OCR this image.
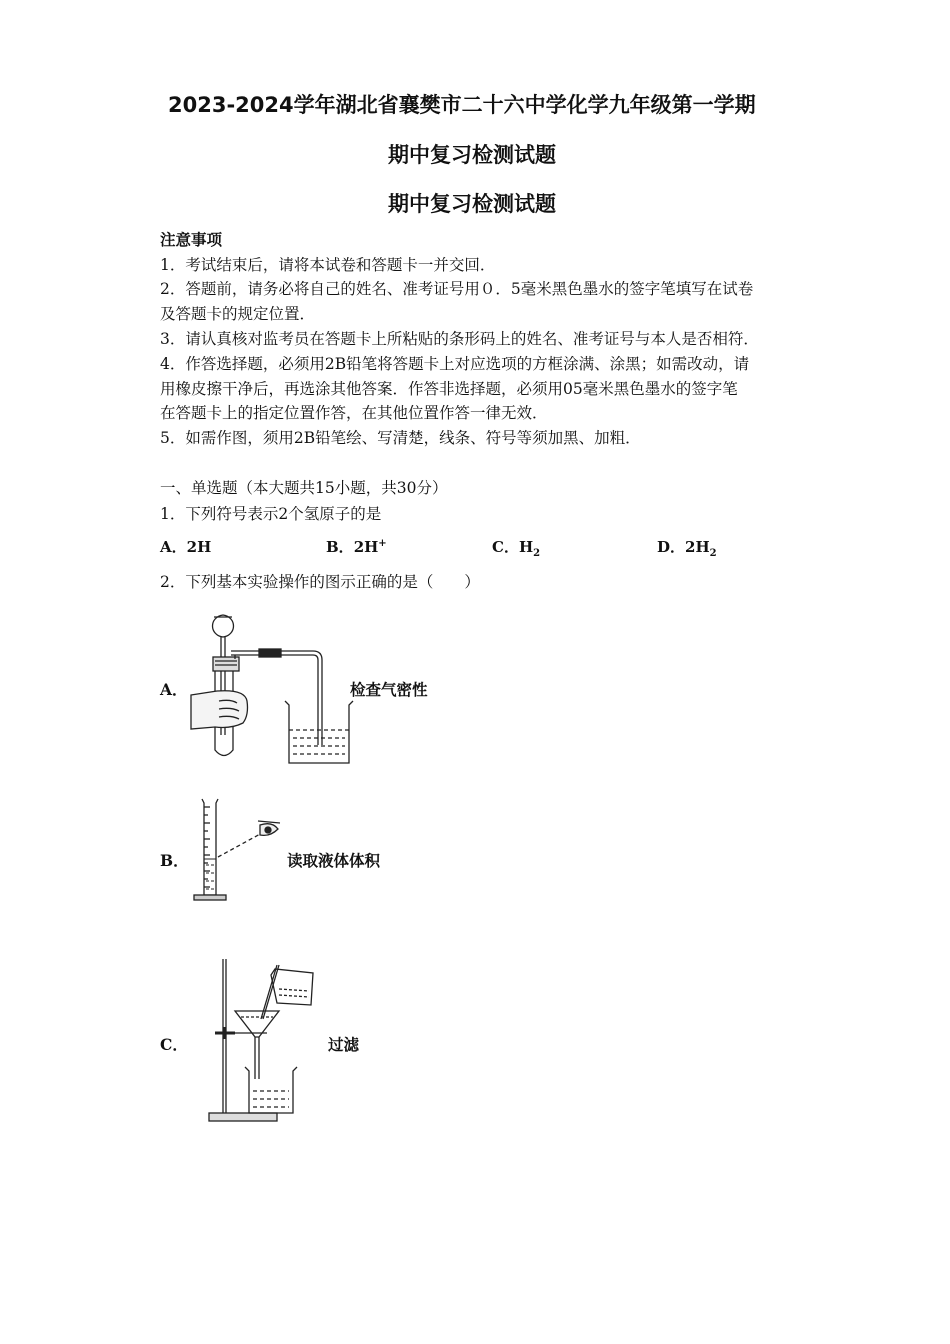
2023-2024学年湖北省襄樊市二十六中学化学九年级第一学期
期中复习检测试题
期中复习检测试题
注意事项
1．考试结束后，请将本试卷和答题卡一并交回．
2．答题前，请务必将自己的姓名、准考证号用０．5毫米黑色墨水的签字笔填写在试卷
及答题卡的规定位置．
3．请认真核对监考员在答题卡上所粘贴的条形码上的姓名、准考证号与本人是否相符．
4．作答选择题，必须用2B铅笔将答题卡上对应选项的方框涂满、涂黑；如需改动，请
用橡皮擦干净后，再选涂其他答案．作答非选择题，必须用05毫米黑色墨水的签字笔
在答题卡上的指定位置作答，在其他位置作答一律无效．
5．如需作图，须用2B铅笔绘、写清楚，线条、符号等须加黑、加粗．
一、单选题（本大题共15小题，共30分）
1．下列符号表示2个氢原子的是
A．2H	B．2H+	C．$H_2$	D．$2H_2$
2．下列基本实验操作的图示正确的是（　　）
A．	检查气密性
B．	读取液体体积
C．	过滤
